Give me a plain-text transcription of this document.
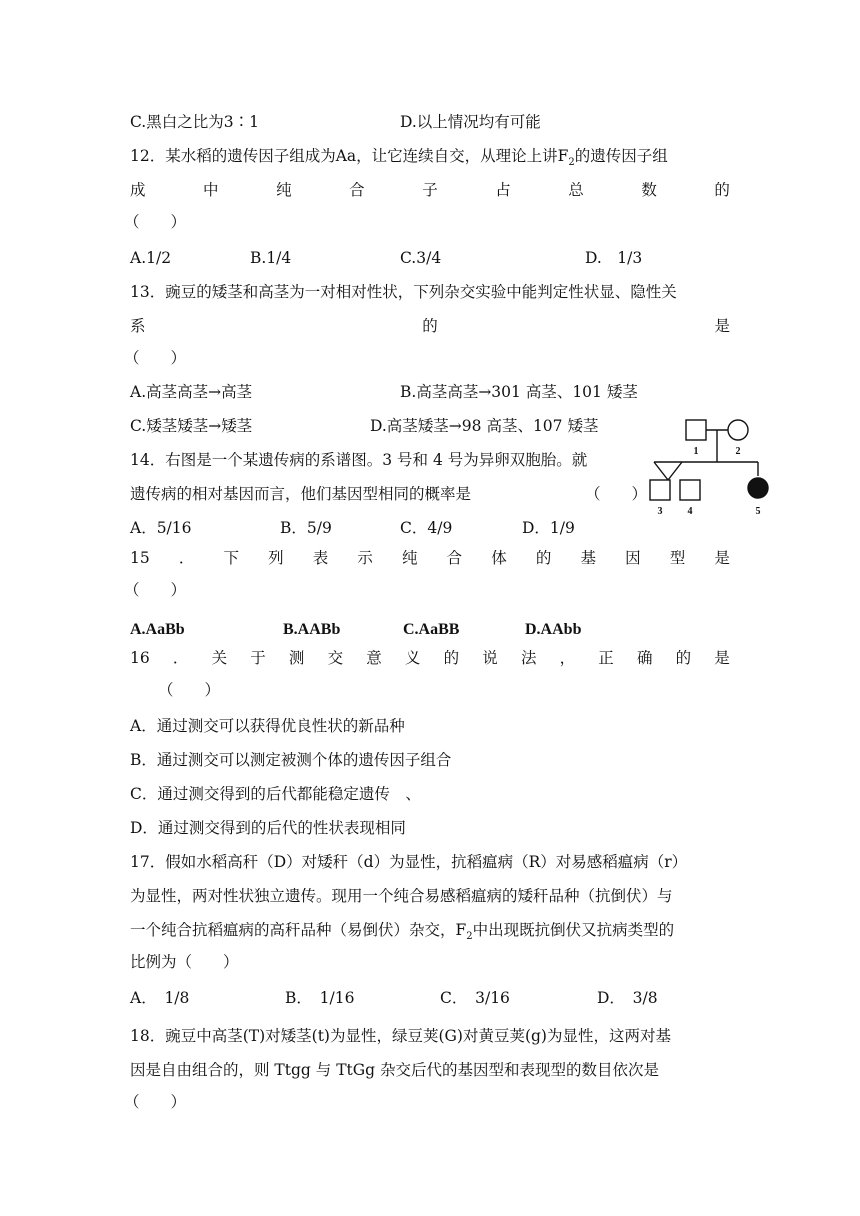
C.黑白之比为3∶1	D.以上情况均有可能
12．某水稻的遗传因子组成为Aa，让它连续自交，从理论上讲$F_2$的遗传因子组
成	中	纯	合	子	占	总	数	的
（　　）
A.1/2	B.1/4	C.3/4	D.　1/3
13．豌豆的矮茎和高茎为一对相对性状，下列杂交实验中能判定性状显、隐性关
系	的	是
（　　）
A.高茎高茎→高茎	B.高茎高茎→301 高茎、101 矮茎
C.矮茎矮茎→矮茎	D.高茎矮茎→98 高茎、107 矮茎
14．右图是一个某遗传病的系谱图。3 号和 4 号为异卵双胞胎。就
遗传病的相对基因而言，他们基因型相同的概率是	（　　）
A．5/16	B．5/9	C．4/9	D．1/9
1	2
3	4	5
15 ． 下 列 表 示 纯 合 体 的 基 因 型 是
（　　）
A.AaBb	B.AABb	C.AaBB	D.AAbb
16 ． 关 于 测 交 意 义 的 说 法 ， 正 确 的 是
（　　）
A．通过测交可以获得优良性状的新品种
B．通过测交可以测定被测个体的遗传因子组合
C．通过测交得到的后代都能稳定遗传　、
D．通过测交得到的后代的性状表现相同
17．假如水稻高秆（D）对矮秆（d）为显性，抗稻瘟病（R）对易感稻瘟病（r）
为显性，两对性状独立遗传。现用一个纯合易感稻瘟病的矮秆品种（抗倒伏）与
一个纯合抗稻瘟病的高秆品种（易倒伏）杂交，$F_2$中出现既抗倒伏又抗病类型的
比例为（　　）
A．　1/8	B．　1/16	C．　3/16	D．　3/8
18．豌豆中高茎(T)对矮茎(t)为显性，绿豆荚(G)对黄豆荚(g)为显性，这两对基
因是自由组合的，则 Ttgg 与 TtGg 杂交后代的基因型和表现型的数目依次是
（　　）
